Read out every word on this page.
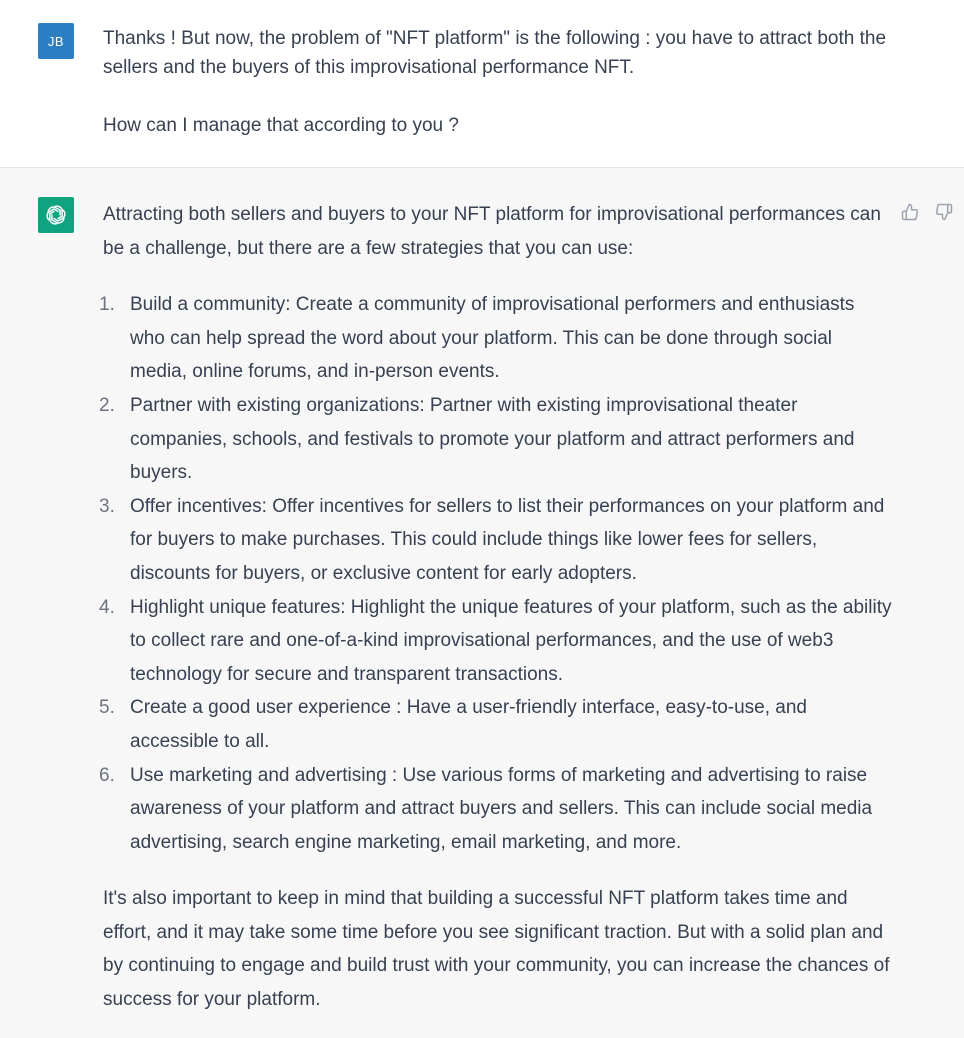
JB Thanks ! But now, the problem of "NFT platform" is the following : you have to attract both the sellers and the buyers of this improvisational performance NFT.

How can I manage that according to you ?

Attracting both sellers and buyers to your NFT platform for improvisational performances can be a challenge, but there are a few strategies that you can use:

1. Build a community: Create a community of improvisational performers and enthusiasts who can help spread the word about your platform. This can be done through social media, online forums, and in-person events.
2. Partner with existing organizations: Partner with existing improvisational theater companies, schools, and festivals to promote your platform and attract performers and buyers.
3. Offer incentives: Offer incentives for sellers to list their performances on your platform and for buyers to make purchases. This could include things like lower fees for sellers, discounts for buyers, or exclusive content for early adopters.
4. Highlight unique features: Highlight the unique features of your platform, such as the ability to collect rare and one-of-a-kind improvisational performances, and the use of web3 technology for secure and transparent transactions.
5. Create a good user experience : Have a user-friendly interface, easy-to-use, and accessible to all.
6. Use marketing and advertising : Use various forms of marketing and advertising to raise awareness of your platform and attract buyers and sellers. This can include social media advertising, search engine marketing, email marketing, and more.

It's also important to keep in mind that building a successful NFT platform takes time and effort, and it may take some time before you see significant traction. But with a solid plan and by continuing to engage and build trust with your community, you can increase the chances of success for your platform.
